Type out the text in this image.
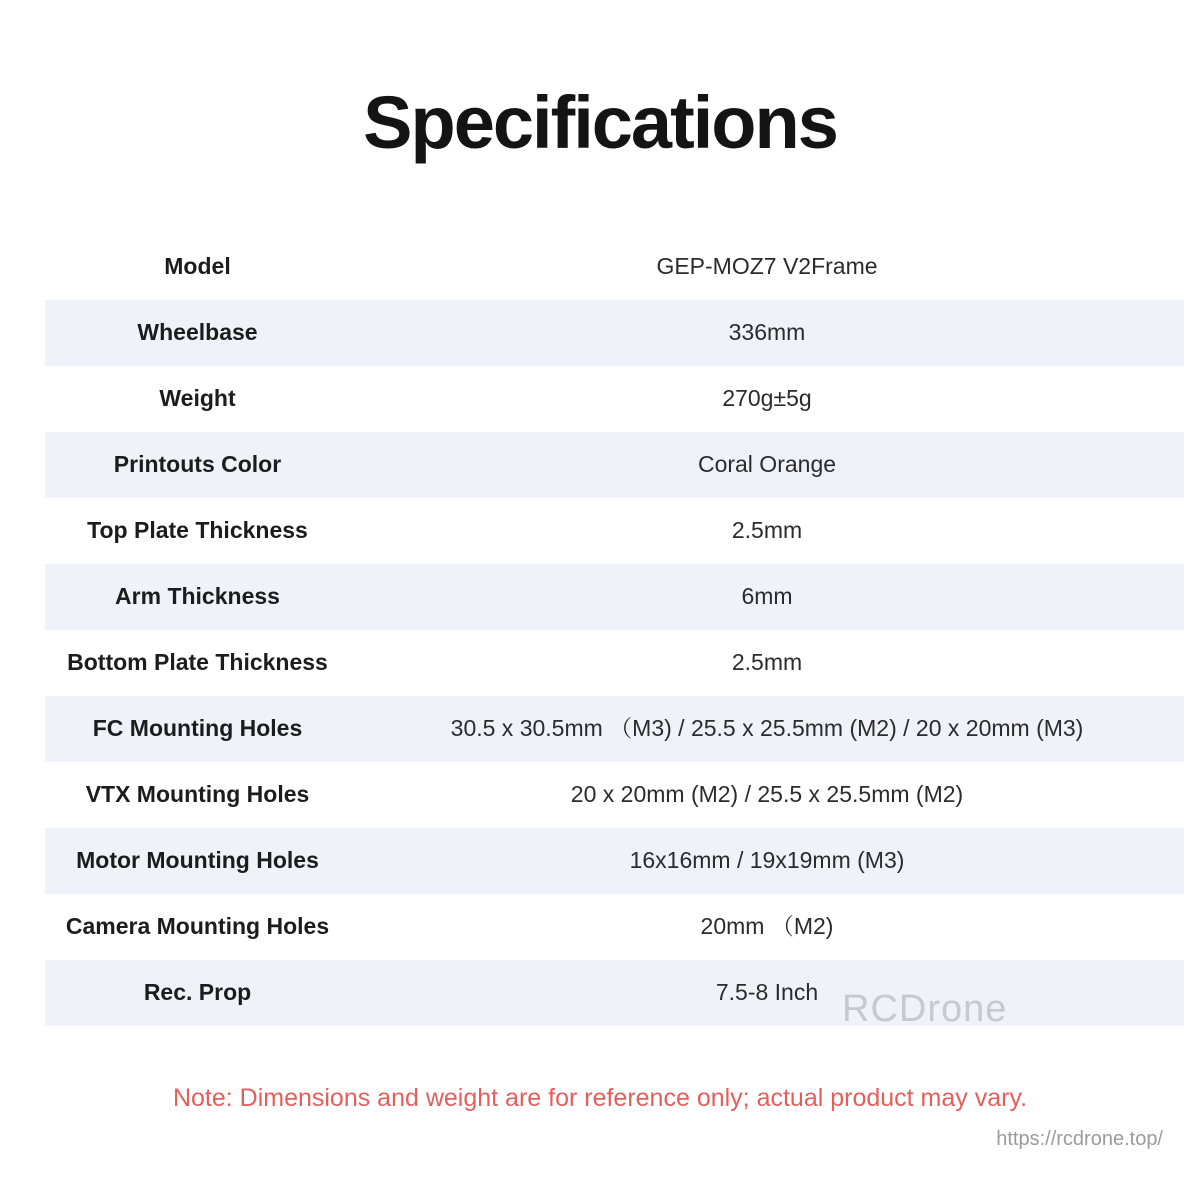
Specifications
Model	GEP-MOZ7 V2Frame
Wheelbase	336mm
Weight	270g±5g
Printouts Color	Coral Orange
Top Plate Thickness	2.5mm
Arm Thickness	6mm
Bottom Plate Thickness	2.5mm
FC Mounting Holes	30.5 x 30.5mm （M3) / 25.5 x 25.5mm (M2) / 20 x 20mm (M3)
VTX Mounting Holes	20 x 20mm (M2) / 25.5 x 25.5mm (M2)
Motor Mounting Holes	16x16mm / 19x19mm (M3)
Camera Mounting Holes	20mm （M2)
Rec. Prop	7.5-8 Inch RCDrone
Note: Dimensions and weight are for reference only; actual product may vary.
https://rcdrone.top/
